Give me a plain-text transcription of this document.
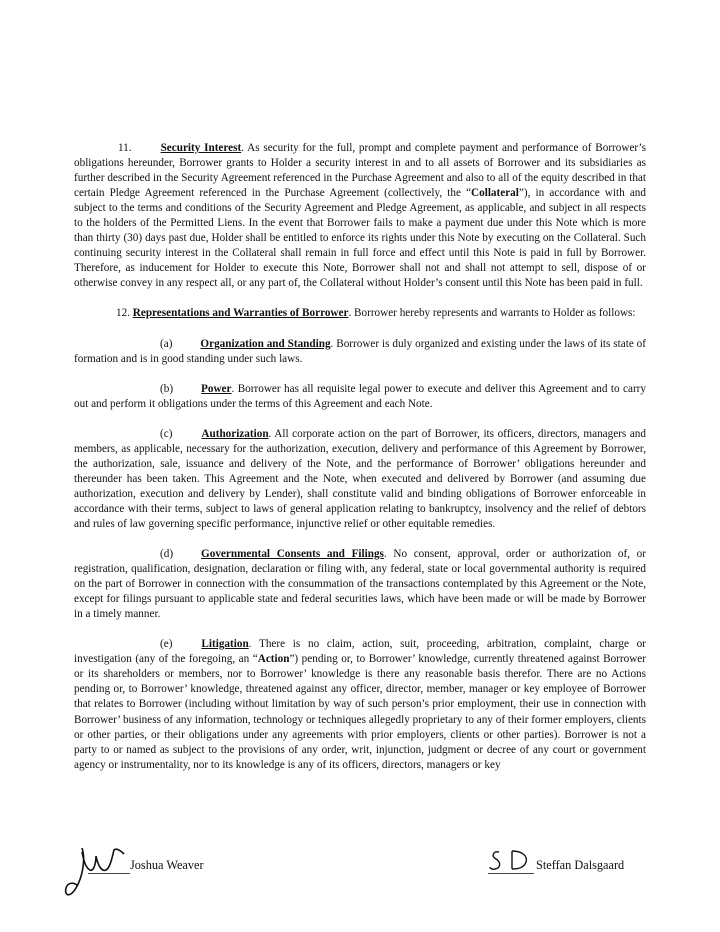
11.	Security Interest. As security for the full, prompt and complete payment and performance of Borrower’s obligations hereunder, Borrower grants to Holder a security interest in and to all assets of Borrower and its subsidiaries as further described in the Security Agreement referenced in the Purchase Agreement and also to all of the equity described in that certain Pledge Agreement referenced in the Purchase Agreement (collectively, the “Collateral”), in accordance with and subject to the terms and conditions of the Security Agreement and Pledge Agreement, as applicable, and subject in all respects to the holders of the Permitted Liens. In the event that Borrower fails to make a payment due under this Note which is more than thirty (30) days past due, Holder shall be entitled to enforce its rights under this Note by executing on the Collateral. Such continuing security interest in the Collateral shall remain in full force and effect until this Note is paid in full by Borrower. Therefore, as inducement for Holder to execute this Note, Borrower shall not and shall not attempt to sell, dispose of or otherwise convey in any respect all, or any part of, the Collateral without Holder’s consent until this Note has been paid in full.

12. Representations and Warranties of Borrower. Borrower hereby represents and warrants to Holder as follows:

(a)	Organization and Standing. Borrower is duly organized and existing under the laws of its state of formation and is in good standing under such laws.

(b)	Power. Borrower has all requisite legal power to execute and deliver this Agreement and to carry out and perform it obligations under the terms of this Agreement and each Note.

(c)	Authorization. All corporate action on the part of Borrower, its officers, directors, managers and members, as applicable, necessary for the authorization, execution, delivery and performance of this Agreement by Borrower, the authorization, sale, issuance and delivery of the Note, and the performance of Borrower’ obligations hereunder and thereunder has been taken. This Agreement and the Note, when executed and delivered by Borrower (and assuming due authorization, execution and delivery by Lender), shall constitute valid and binding obligations of Borrower enforceable in accordance with their terms, subject to laws of general application relating to bankruptcy, insolvency and the relief of debtors and rules of law governing specific performance, injunctive relief or other equitable remedies.

(d)	Governmental Consents and Filings. No consent, approval, order or authorization of, or registration, qualification, designation, declaration or filing with, any federal, state or local governmental authority is required on the part of Borrower in connection with the consummation of the transactions contemplated by this Agreement or the Note, except for filings pursuant to applicable state and federal securities laws, which have been made or will be made by Borrower in a timely manner.

(e)	Litigation. There is no claim, action, suit, proceeding, arbitration, complaint, charge or investigation (any of the foregoing, an “Action”) pending or, to Borrower’ knowledge, currently threatened against Borrower or its shareholders or members, nor to Borrower’ knowledge is there any reasonable basis therefor. There are no Actions pending or, to Borrower’ knowledge, threatened against any officer, director, member, manager or key employee of Borrower that relates to Borrower (including without limitation by way of such person’s prior employment, their use in connection with Borrower’ business of any information, technology or techniques allegedly proprietary to any of their former employers, clients or other parties, or their obligations under any agreements with prior employers, clients or other parties). Borrower is not a party to or named as subject to the provisions of any order, writ, injunction, judgment or decree of any court or government agency or instrumentality, nor to its knowledge is any of its officers, directors, managers or key

Joshua Weaver	Steffan Dalsgaard
